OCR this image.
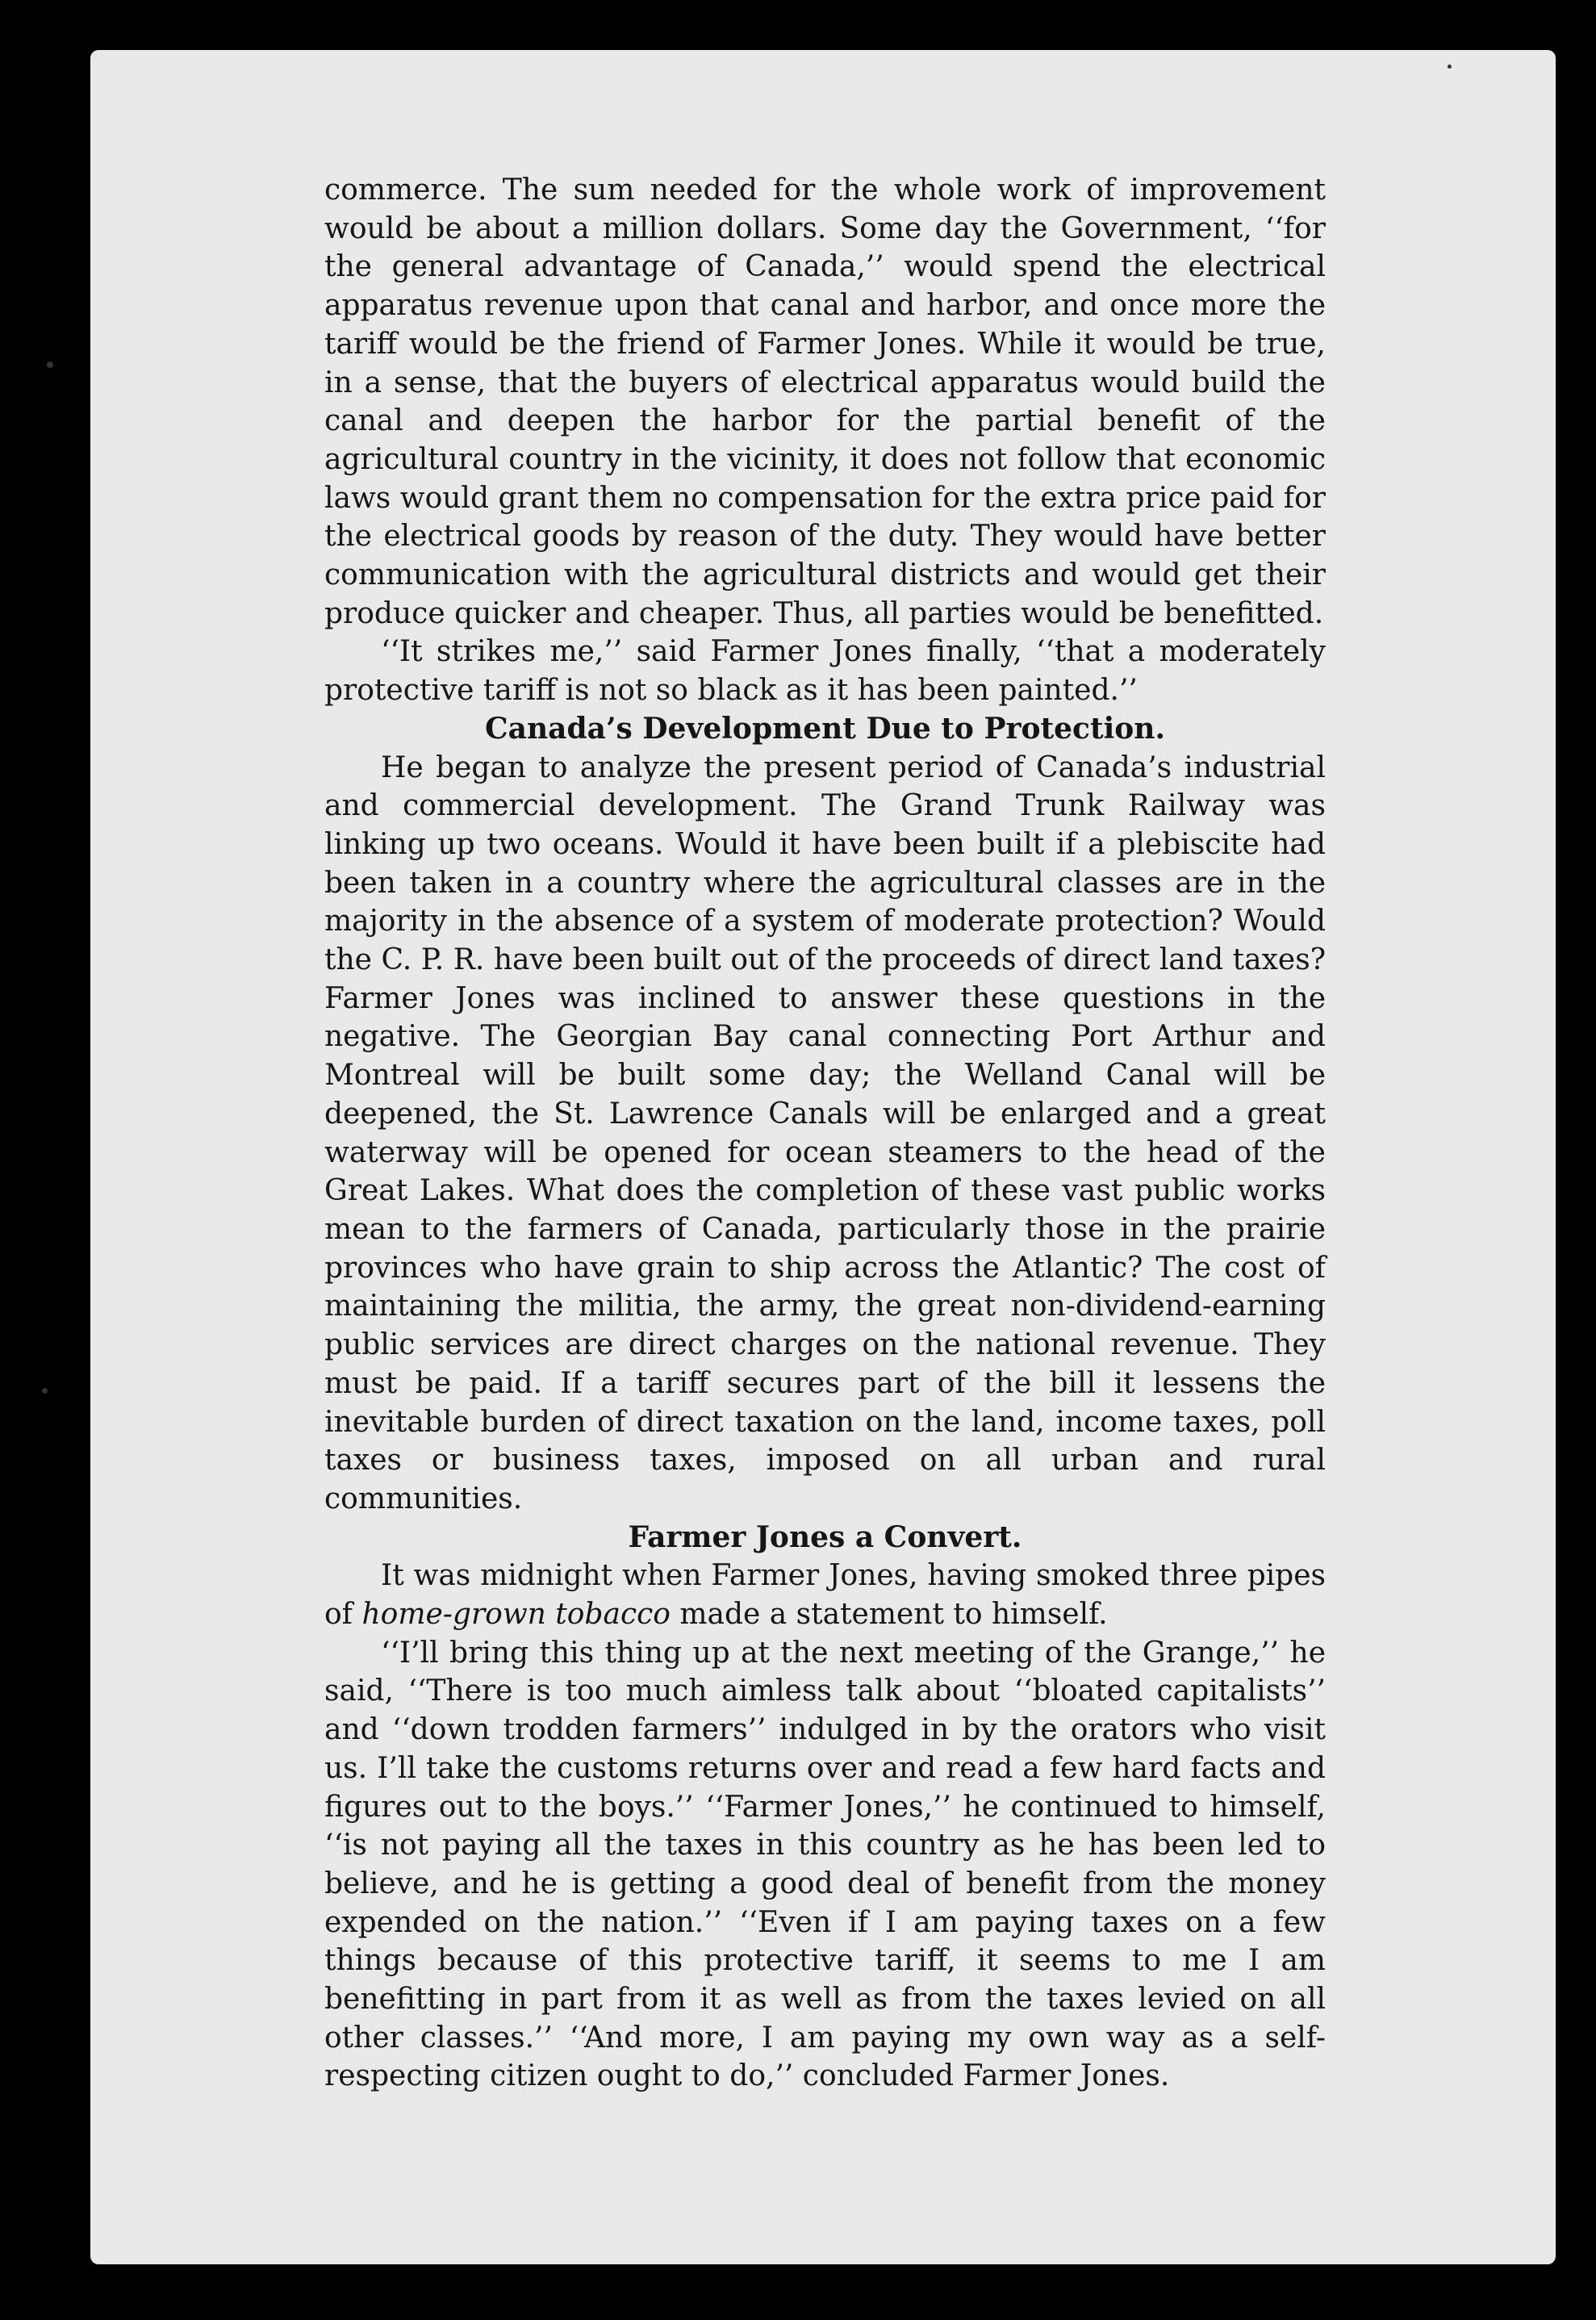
commerce. The sum needed for the whole work of improvement would be about a million dollars. Some day the Government, ‘‘for the general advantage of Canada,’’ would spend the electrical apparatus revenue upon that canal and harbor, and once more the tariff would be the friend of Farmer Jones. While it would be true, in a sense, that the buyers of electrical apparatus would build the canal and deepen the harbor for the partial benefit of the agricultural country in the vicinity, it does not follow that economic laws would grant them no compensation for the extra price paid for the electrical goods by reason of the duty. They would have better communication with the agricultural districts and would get their produce quicker and cheaper. Thus, all parties would be benefitted.

‘‘It strikes me,’’ said Farmer Jones finally, ‘‘that a moderately protective tariff is not so black as it has been painted.’’

Canada’s Development Due to Protection.

He began to analyze the present period of Canada’s industrial and commercial development. The Grand Trunk Railway was linking up two oceans. Would it have been built if a plebiscite had been taken in a country where the agricultural classes are in the majority in the absence of a system of moderate protection? Would the C. P. R. have been built out of the proceeds of direct land taxes? Farmer Jones was inclined to answer these questions in the negative. The Georgian Bay canal connecting Port Arthur and Montreal will be built some day; the Welland Canal will be deepened, the St. Lawrence Canals will be enlarged and a great waterway will be opened for ocean steamers to the head of the Great Lakes. What does the completion of these vast public works mean to the farmers of Canada, particularly those in the prairie provinces who have grain to ship across the Atlantic? The cost of maintaining the militia, the army, the great non-dividend-earning public services are direct charges on the national revenue. They must be paid. If a tariff secures part of the bill it lessens the inevitable burden of direct taxation on the land, income taxes, poll taxes or business taxes, imposed on all urban and rural communities.

Farmer Jones a Convert.

It was midnight when Farmer Jones, having smoked three pipes of home-grown tobacco made a statement to himself.

‘‘I’ll bring this thing up at the next meeting of the Grange,’’ he said, ‘‘There is too much aimless talk about ‘‘bloated capitalists’’ and ‘‘down trodden farmers’’ indulged in by the orators who visit us. I’ll take the customs returns over and read a few hard facts and figures out to the boys.’’ ‘‘Farmer Jones,’’ he continued to himself, ‘‘is not paying all the taxes in this country as he has been led to believe, and he is getting a good deal of benefit from the money expended on the nation.’’ ‘‘Even if I am paying taxes on a few things because of this protective tariff, it seems to me I am benefitting in part from it as well as from the taxes levied on all other classes.’’ ‘‘And more, I am paying my own way as a self-respecting citizen ought to do,’’ concluded Farmer Jones.
